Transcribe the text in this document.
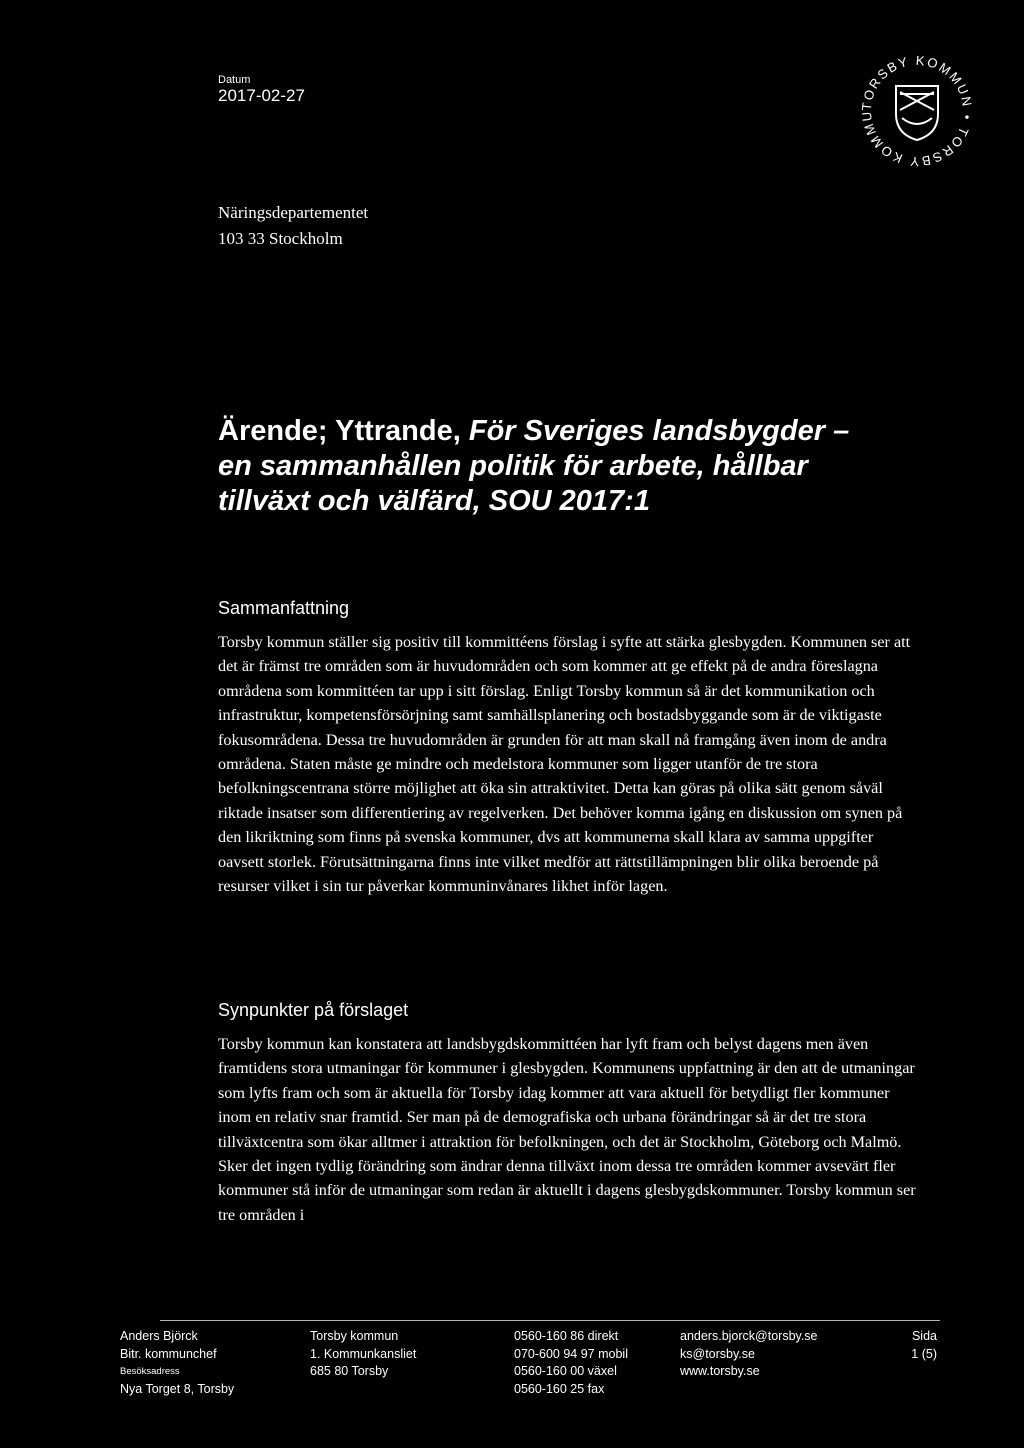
Datum
2017-02-27
TORSBY KOMMUN • TORSBY KOMMU
Näringsdepartementet
103 33 Stockholm
Ärende; Yttrande, För Sveriges landsbygder –
en sammanhållen politik för arbete, hållbar
tillväxt och välfärd, SOU 2017:1
Sammanfattning
Torsby kommun ställer sig positiv till kommittéens förslag i syfte att stärka glesbygden. Kommunen ser att det är främst tre områden som är huvudområden och som kommer att ge effekt på de andra föreslagna områdena som kommittéen tar upp i sitt förslag. Enligt Torsby kommun så är det kommunikation och infrastruktur, kompetensförsörjning samt samhällsplanering och bostadsbyggande som är de viktigaste fokusområdena. Dessa tre huvudområden är grunden för att man skall nå framgång även inom de andra områdena. Staten måste ge mindre och medelstora kommuner som ligger utanför de tre stora befolkningscentrana större möjlighet att öka sin attraktivitet. Detta kan göras på olika sätt genom såväl riktade insatser som differentiering av regelverken. Det behöver komma igång en diskussion om synen på den likriktning som finns på svenska kommuner, dvs att kommunerna skall klara av samma uppgifter oavsett storlek. Förutsättningarna finns inte vilket medför att rättstillämpningen blir olika beroende på resurser vilket i sin tur påverkar kommuninvånares likhet inför lagen.
Synpunkter på förslaget
Torsby kommun kan konstatera att landsbygdskommittéen har lyft fram och belyst dagens men även framtidens stora utmaningar för kommuner i glesbygden. Kommunens uppfattning är den att de utmaningar som lyfts fram och som är aktuella för Torsby idag kommer att vara aktuell för betydligt fler kommuner inom en relativ snar framtid. Ser man på de demografiska och urbana förändringar så är det tre stora tillväxtcentra som ökar alltmer i attraktion för befolkningen, och det är Stockholm, Göteborg och Malmö. Sker det ingen tydlig förändring som ändrar denna tillväxt inom dessa tre områden kommer avsevärt fler kommuner stå inför de utmaningar som redan är aktuellt i dagens glesbygdskommuner. Torsby kommun ser tre områden i
Anders Björck
Bitr. kommunchef
Besöksadress
Nya Torget 8, Torsby
Torsby kommun
1. Kommunkansliet
685 80 Torsby
0560-160 86 direkt
070-600 94 97 mobil
0560-160 00 växel
0560-160 25 fax
anders.bjorck@torsby.se
ks@torsby.se
www.torsby.se
Sida
1 (5)
